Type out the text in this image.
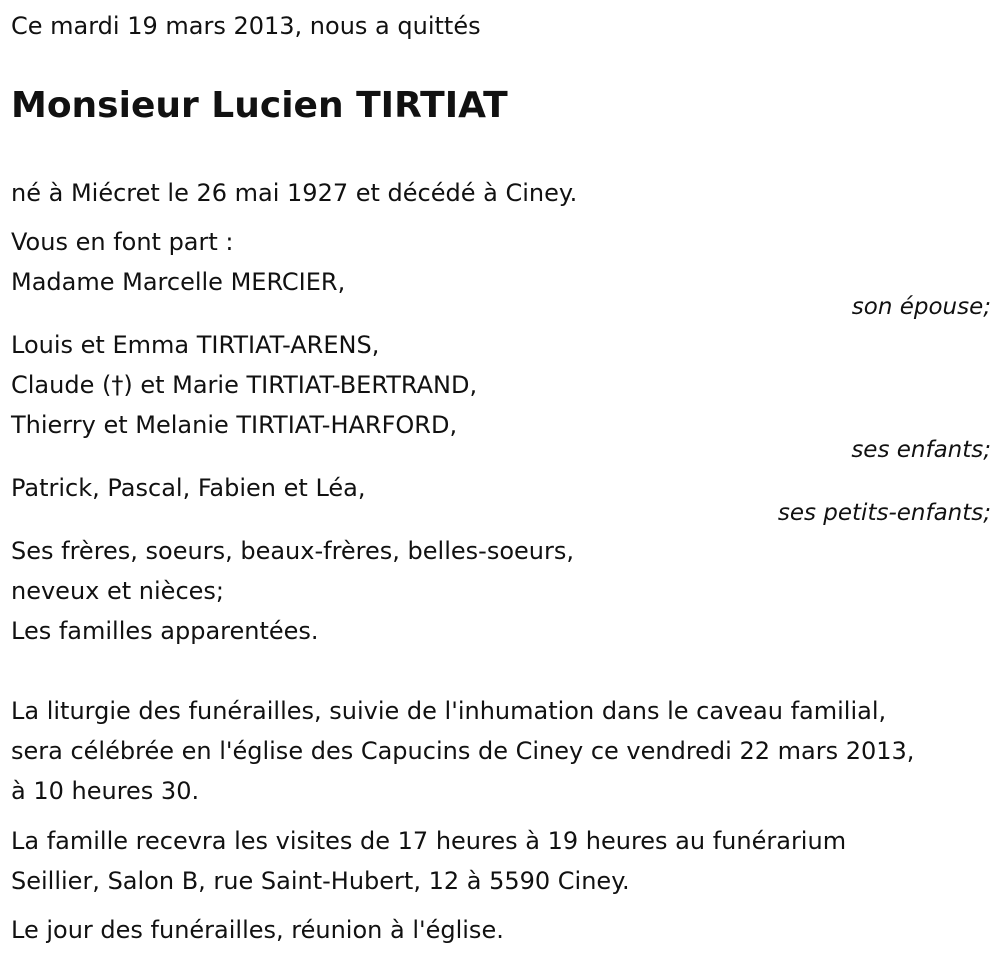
Ce mardi 19 mars 2013, nous a quittés
Monsieur Lucien TIRTIAT

né à Miécret le 26 mai 1927 et décédé à Ciney.

Vous en font part :

Madame Marcelle MERCIER,

son épouse;

Louis et Emma TIRTIAT-ARENS,

Claude (†) et Marie TIRTIAT-BERTRAND,

Thierry et Melanie TIRTIAT-HARFORD,

ses enfants;

Patrick, Pascal, Fabien et Léa,

ses petits-enfants;

Ses frères, soeurs, beaux-frères, belles-soeurs,

neveux et nièces;

Les familles apparentées.

La liturgie des funérailles, suivie de l'inhumation dans le caveau familial,

sera célébrée en l'église des Capucins de Ciney ce vendredi 22 mars 2013,

à 10 heures 30.

La famille recevra les visites de 17 heures à 19 heures au funérarium

Seillier, Salon B, rue Saint-Hubert, 12 à 5590 Ciney.

Le jour des funérailles, réunion à l'église.
